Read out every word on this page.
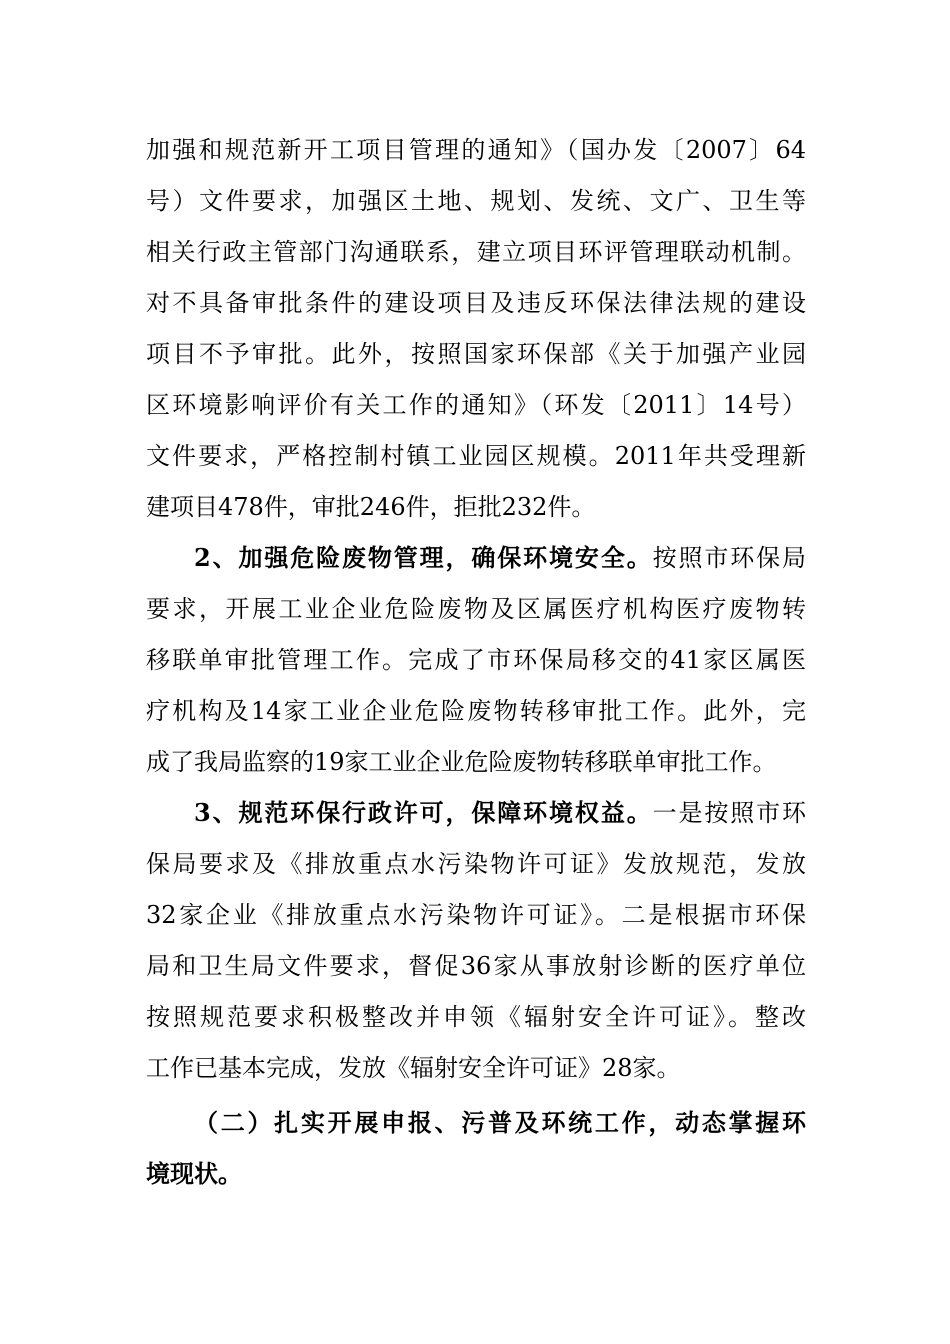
加强和规范新开工项目管理的通知》（国办发〔2007〕64
号）文件要求，加强区土地、规划、发统、文广、卫生等
相关行政主管部门沟通联系，建立项目环评管理联动机制。
对不具备审批条件的建设项目及违反环保法律法规的建设
项目不予审批。此外，按照国家环保部《关于加强产业园
区环境影响评价有关工作的通知》（环发〔2011〕14号）
文件要求，严格控制村镇工业园区规模。2011年共受理新
建项目478件，审批246件，拒批232件。
2、加强危险废物管理，确保环境安全。按照市环保局
要求，开展工业企业危险废物及区属医疗机构医疗废物转
移联单审批管理工作。完成了市环保局移交的41家区属医
疗机构及14家工业企业危险废物转移审批工作。此外，完
成了我局监察的19家工业企业危险废物转移联单审批工作。
3、规范环保行政许可，保障环境权益。一是按照市环
保局要求及《排放重点水污染物许可证》发放规范，发放
32家企业《排放重点水污染物许可证》。二是根据市环保
局和卫生局文件要求，督促36家从事放射诊断的医疗单位
按照规范要求积极整改并申领《辐射安全许可证》。整改
工作已基本完成，发放《辐射安全许可证》28家。
（二）扎实开展申报、污普及环统工作，动态掌握环
境现状。
